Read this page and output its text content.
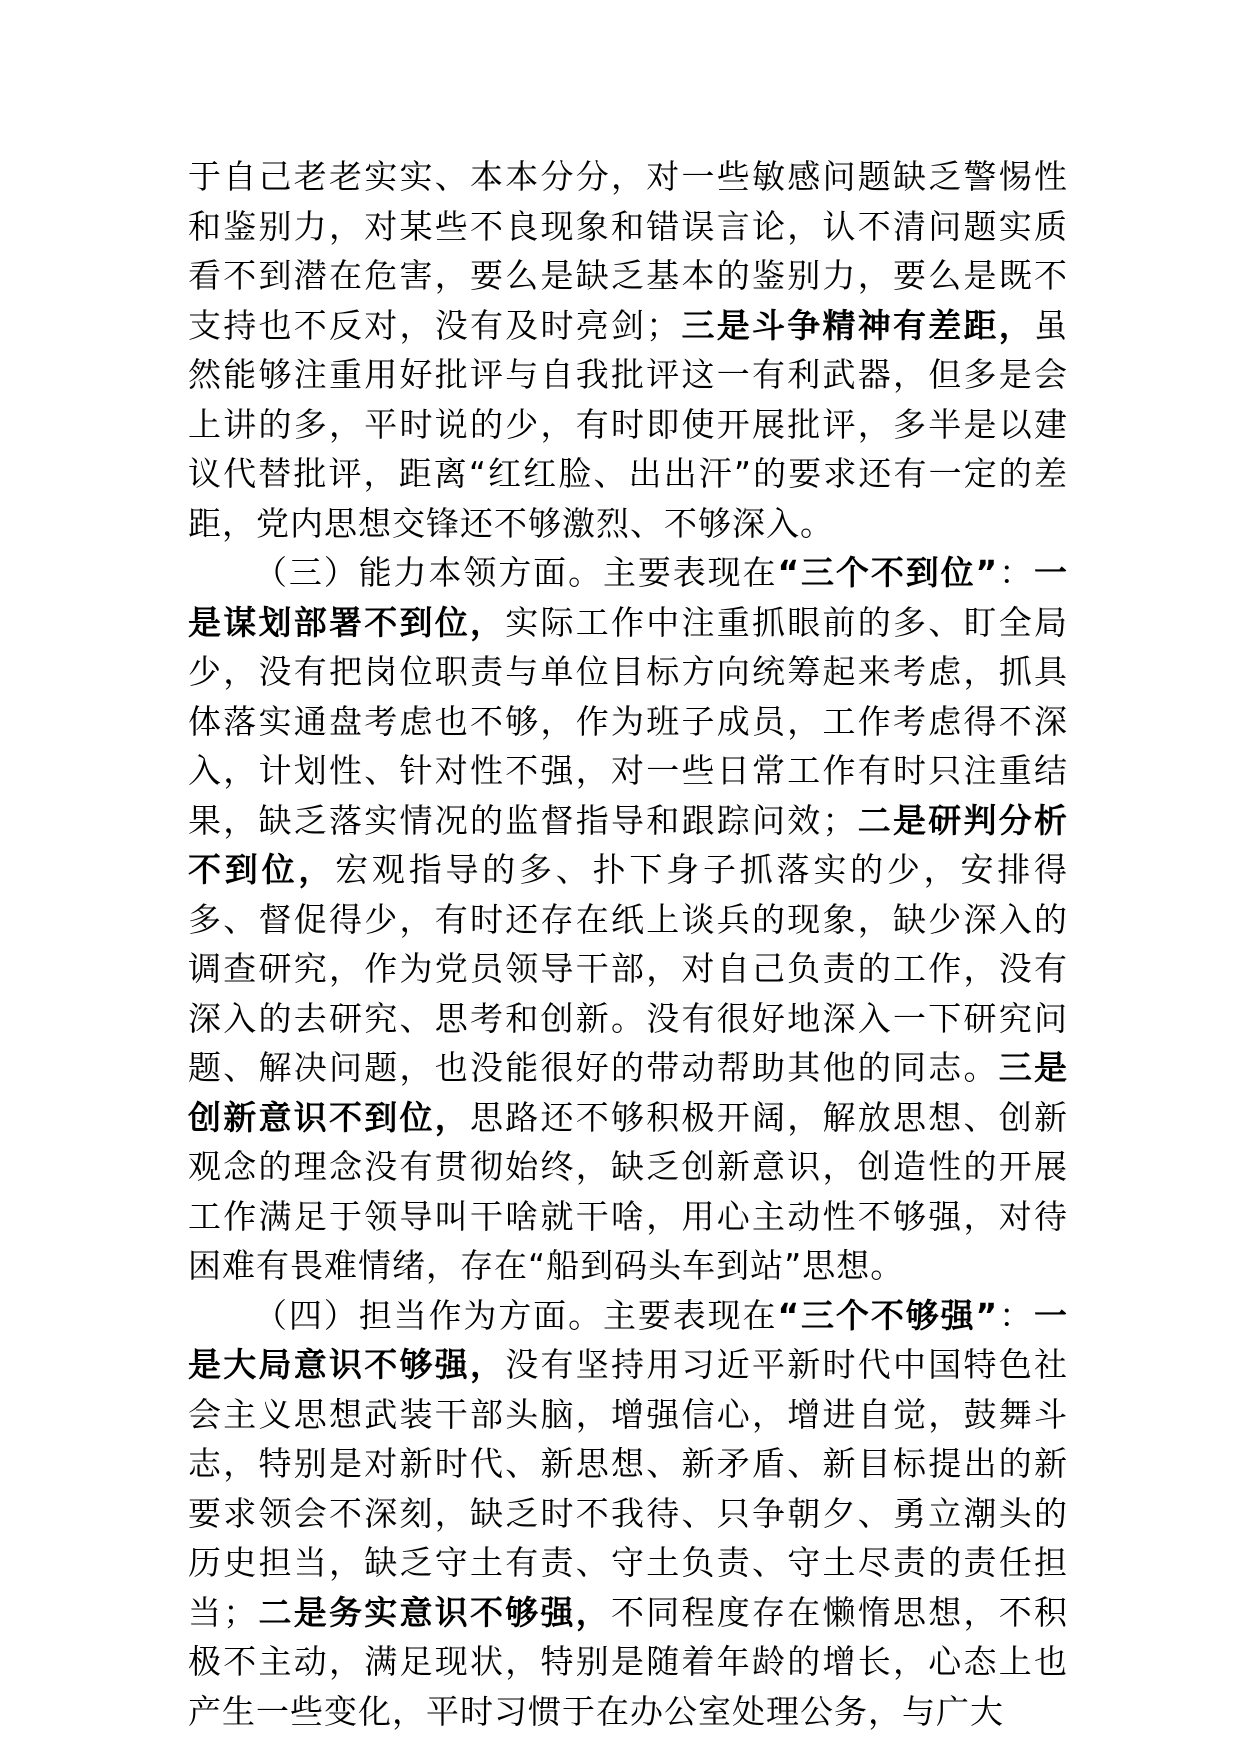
于自己老老实实、本本分分，对一些敏感问题缺乏警惕性和鉴别力，对某些不良现象和错误言论，认不清问题实质看不到潜在危害，要么是缺乏基本的鉴别力，要么是既不支持也不反对，没有及时亮剑；三是斗争精神有差距，虽然能够注重用好批评与自我批评这一有利武器，但多是会上讲的多，平时说的少，有时即使开展批评，多半是以建议代替批评，距离“红红脸、出出汗”的要求还有一定的差距，党内思想交锋还不够激烈、不够深入。

（三）能力本领方面。主要表现在“三个不到位”：一是谋划部署不到位，实际工作中注重抓眼前的多、盯全局少，没有把岗位职责与单位目标方向统筹起来考虑，抓具体落实通盘考虑也不够，作为班子成员，工作考虑得不深入，计划性、针对性不强，对一些日常工作有时只注重结果，缺乏落实情况的监督指导和跟踪问效；二是研判分析不到位，宏观指导的多、扑下身子抓落实的少，安排得多、督促得少，有时还存在纸上谈兵的现象，缺少深入的调查研究，作为党员领导干部，对自己负责的工作，没有深入的去研究、思考和创新。没有很好地深入一下研究问题、解决问题，也没能很好的带动帮助其他的同志。三是创新意识不到位，思路还不够积极开阔，解放思想、创新观念的理念没有贯彻始终，缺乏创新意识，创造性的开展工作满足于领导叫干啥就干啥，用心主动性不够强，对待困难有畏难情绪，存在“船到码头车到站”思想。

（四）担当作为方面。主要表现在“三个不够强”：一是大局意识不够强，没有坚持用习近平新时代中国特色社会主义思想武装干部头脑，增强信心，增进自觉，鼓舞斗志，特别是对新时代、新思想、新矛盾、新目标提出的新要求领会不深刻，缺乏时不我待、只争朝夕、勇立潮头的历史担当，缺乏守土有责、守土负责、守土尽责的责任担当；二是务实意识不够强，不同程度存在懒惰思想，不积极不主动，满足现状，特别是随着年龄的增长，心态上也产生一些变化，平时习惯于在办公室处理公务，与广大
